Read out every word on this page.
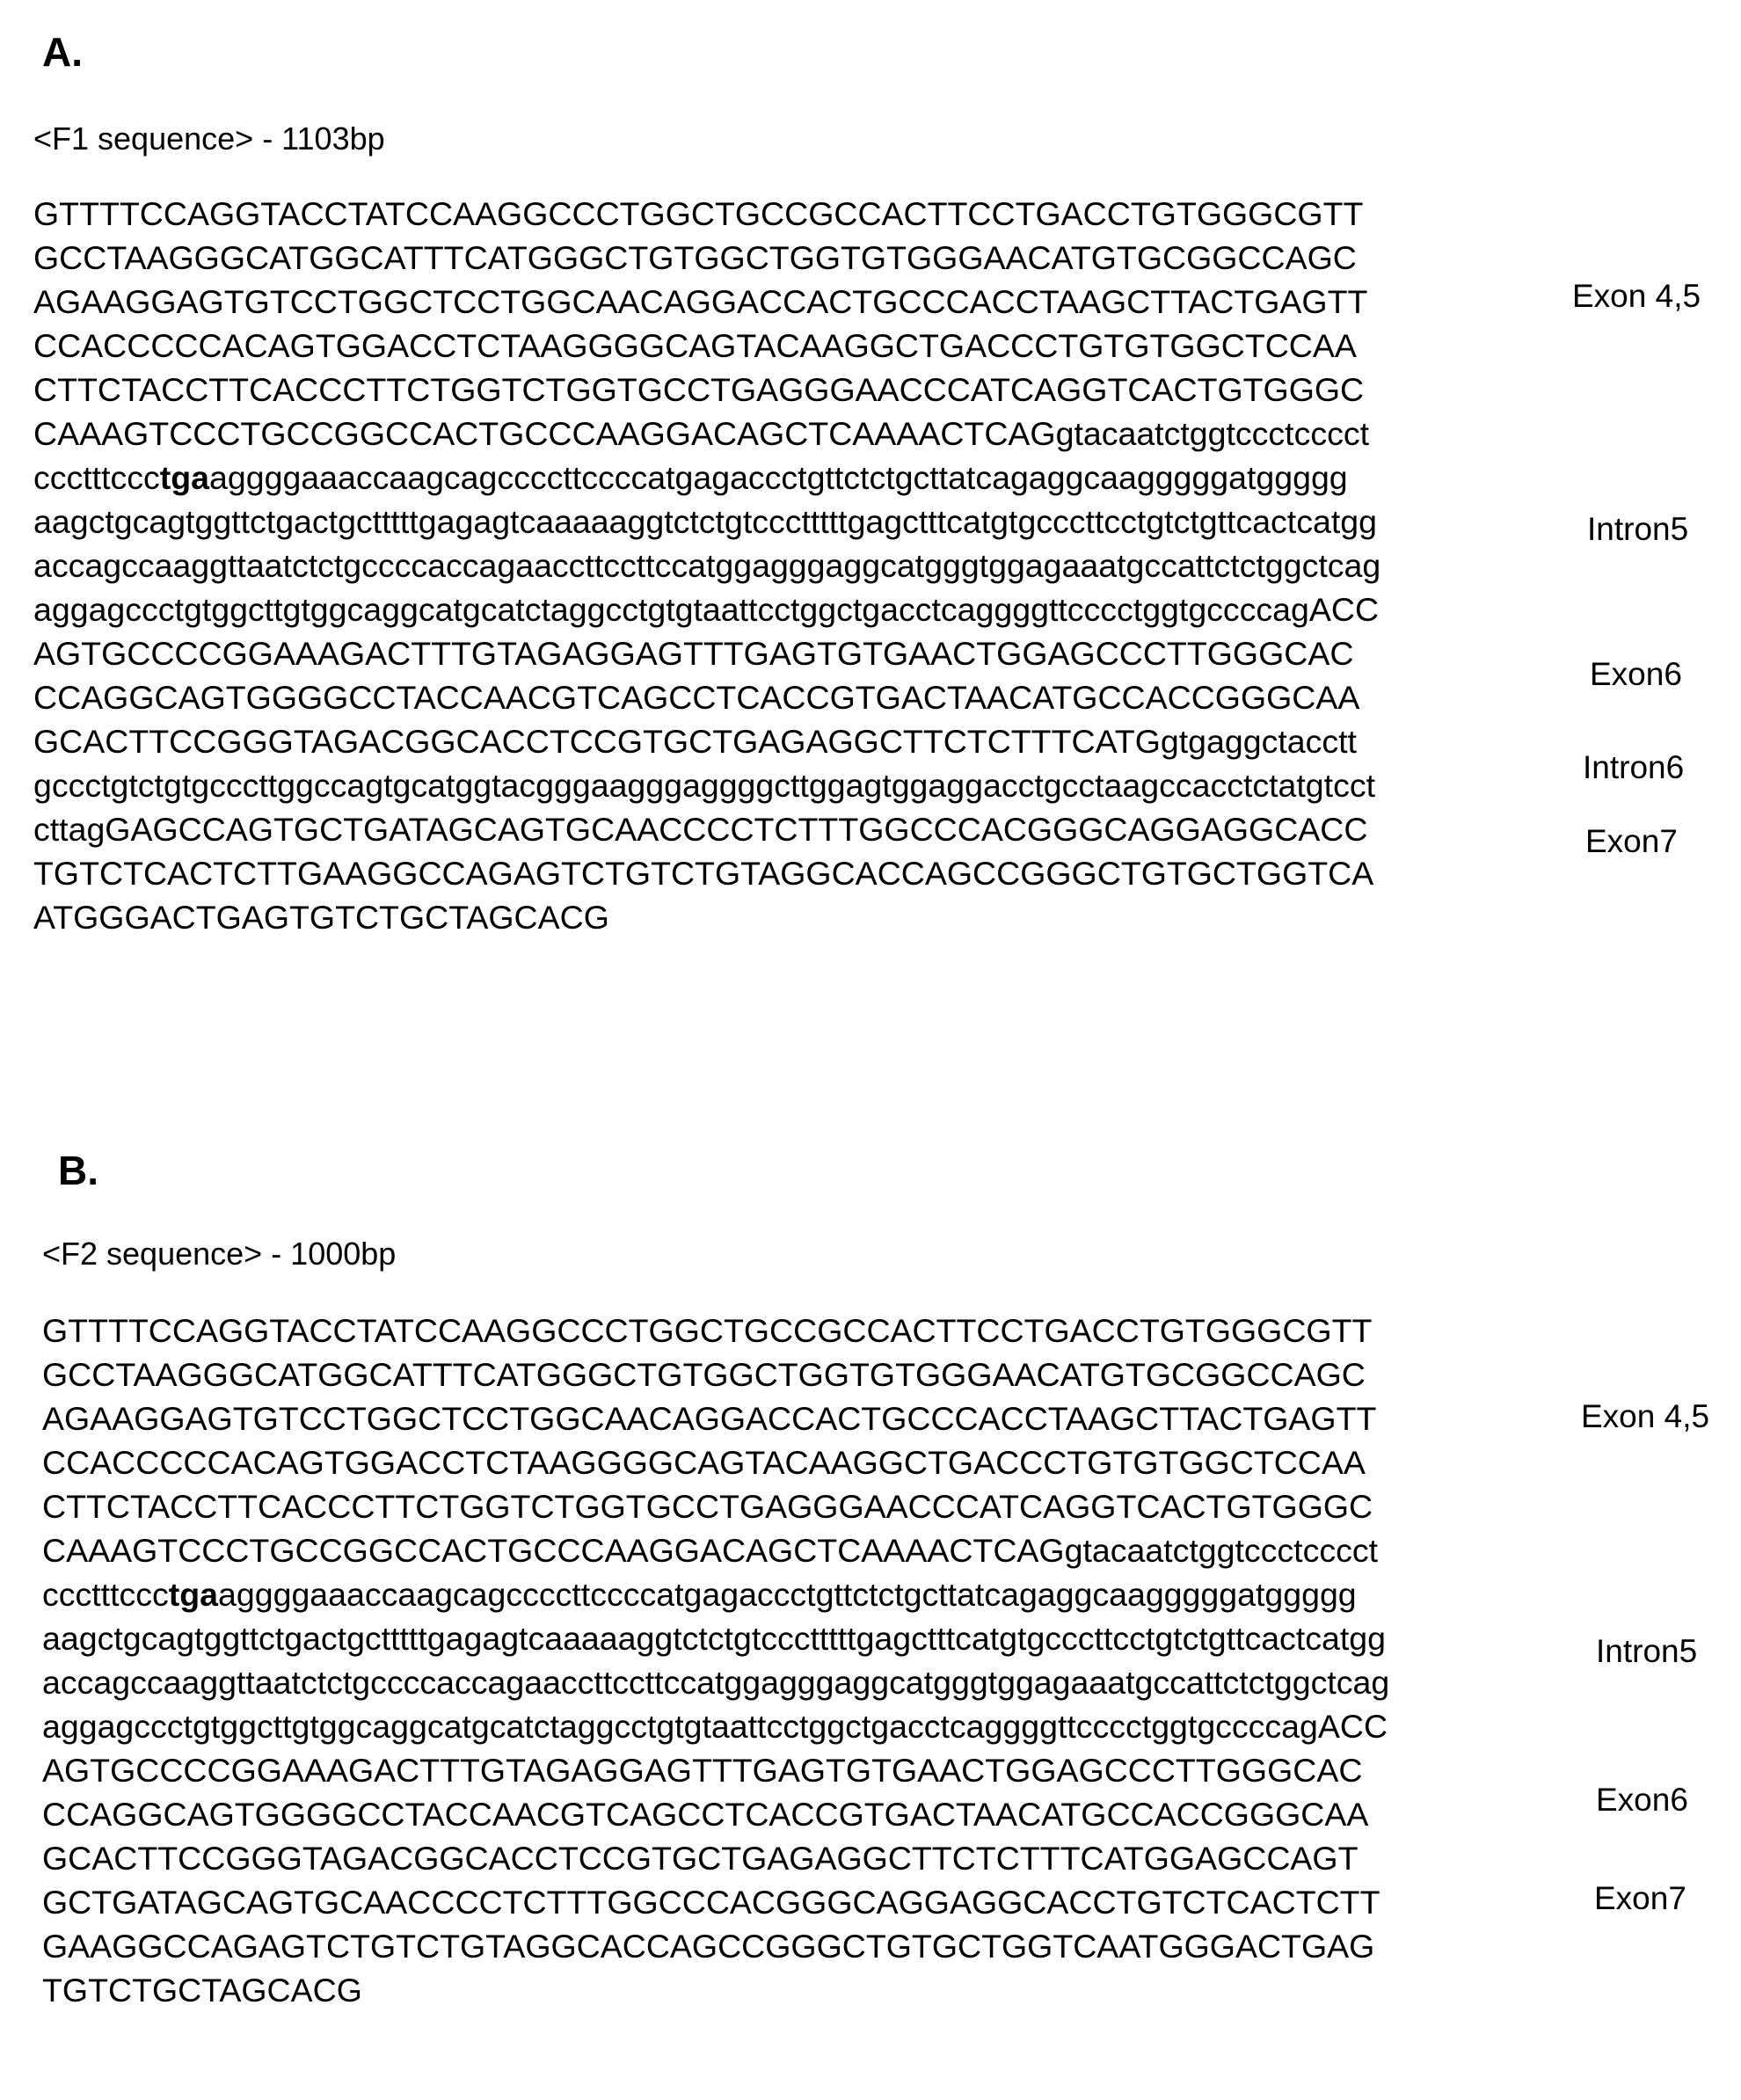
A.
<F1 sequence> - 1103bp
GTTTTCCAGGTACCTATCCAAGGCCCTGGCTGCCGCCACTTCCTGACCTGTGGGCGTT
GCCTAAGGGCATGGCATTTCATGGGCTGTGGCTGGTGTGGGAACATGTGCGGCCAGC
AGAAGGAGTGTCCTGGCTCCTGGCAACAGGACCACTGCCCACCTAAGCTTACTGAGTT
CCACCCCCACAGTGGACCTCTAAGGGGCAGTACAAGGCTGACCCTGTGTGGCTCCAA
CTTCTACCTTCACCCTTCTGGTCTGGTGCCTGAGGGAACCCATCAGGTCACTGTGGGC
CAAAGTCCCTGCCGGCCACTGCCCAAGGACAGCTCAAAACTCAGgtacaatctggtccctcccct
ccctttccctgaaggggaaaccaagcagccccttccccatgagaccctgttctctgcttatcagaggcaagggggatggggg
aagctgcagtggttctgactgctttttgagagtcaaaaaggtctctgtccctttttgagctttcatgtgcccttcctgtctgttcactcatgg
accagccaaggttaatctctgccccaccagaaccttccttccatggagggaggcatgggtggagaaatgccattctctggctcag
aggagccctgtggcttgtggcaggcatgcatctaggcctgtgtaattcctggctgacctcaggggttcccctggtgccccagACC
AGTGCCCCGGAAAGACTTTGTAGAGGAGTTTGAGTGTGAACTGGAGCCCTTGGGCAC
CCAGGCAGTGGGGCCTACCAACGTCAGCCTCACCGTGACTAACATGCCACCGGGCAA
GCACTTCCGGGTAGACGGCACCTCCGTGCTGAGAGGCTTCTCTTTCATGgtgaggctacctt
gccctgtctgtgcccttggccagtgcatggtacgggaagggaggggcttggagtggaggacctgcctaagccacctctatgtcct
cttagGAGCCAGTGCTGATAGCAGTGCAACCCCTCTTTGGCCCACGGGCAGGAGGCACC
TGTCTCACTCTTGAAGGCCAGAGTCTGTCTGTAGGCACCAGCCGGGCTGTGCTGGTCA
ATGGGACTGAGTGTCTGCTAGCACG
Exon 4,5
Intron5
Exon6
Intron6
Exon7
B.
<F2 sequence> - 1000bp
GTTTTCCAGGTACCTATCCAAGGCCCTGGCTGCCGCCACTTCCTGACCTGTGGGCGTT
GCCTAAGGGCATGGCATTTCATGGGCTGTGGCTGGTGTGGGAACATGTGCGGCCAGC
AGAAGGAGTGTCCTGGCTCCTGGCAACAGGACCACTGCCCACCTAAGCTTACTGAGTT
CCACCCCCACAGTGGACCTCTAAGGGGCAGTACAAGGCTGACCCTGTGTGGCTCCAA
CTTCTACCTTCACCCTTCTGGTCTGGTGCCTGAGGGAACCCATCAGGTCACTGTGGGC
CAAAGTCCCTGCCGGCCACTGCCCAAGGACAGCTCAAAACTCAGgtacaatctggtccctcccct
ccctttccctgaaggggaaaccaagcagccccttccccatgagaccctgttctctgcttatcagaggcaagggggatggggg
aagctgcagtggttctgactgctttttgagagtcaaaaaggtctctgtccctttttgagctttcatgtgcccttcctgtctgttcactcatgg
accagccaaggttaatctctgccccaccagaaccttccttccatggagggaggcatgggtggagaaatgccattctctggctcag
aggagccctgtggcttgtggcaggcatgcatctaggcctgtgtaattcctggctgacctcaggggttcccctggtgccccagACC
AGTGCCCCGGAAAGACTTTGTAGAGGAGTTTGAGTGTGAACTGGAGCCCTTGGGCAC
CCAGGCAGTGGGGCCTACCAACGTCAGCCTCACCGTGACTAACATGCCACCGGGCAA
GCACTTCCGGGTAGACGGCACCTCCGTGCTGAGAGGCTTCTCTTTCATGGAGCCAGT
GCTGATAGCAGTGCAACCCCTCTTTGGCCCACGGGCAGGAGGCACCTGTCTCACTCTT
GAAGGCCAGAGTCTGTCTGTAGGCACCAGCCGGGCTGTGCTGGTCAATGGGACTGAG
TGTCTGCTAGCACG
Exon 4,5
Intron5
Exon6
Exon7
